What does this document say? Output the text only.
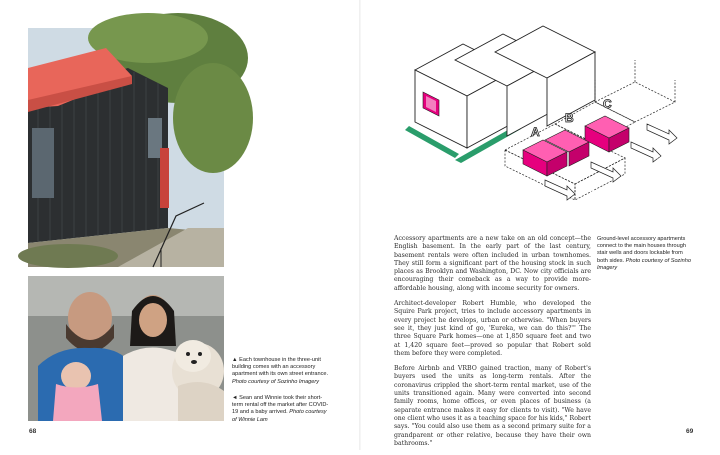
▲ Each townhouse in the three-unit building comes with an accessory apartment with its own street entrance. Photo courtesy of Sozinho Imagery
◄ Sean and Winnie took their short-term rental off the market after COVID-19 and a baby arrived. Photo courtesy of Winnie Lam
68
A
B
C
lower level entries
lower level entries
upper level entries
upper level entries
Ground-level accessory apartments connect to the main houses through stair wells and doors lockable from both sides. Photo courtesy of Sozinho Imagery

Accessory apartments are a new take on an old concept—the English basement. In the early part of the last century, basement rentals were often included in urban townhomes. They still form a significant part of the housing stock in such places as Brooklyn and Washington, DC. Now city officials are encouraging their comeback as a way to provide more-affordable housing, along with income security for owners.

Architect-developer Robert Humble, who developed the Squire Park project, tries to include accessory apartments in every project he develops, urban or otherwise. "When buyers see it, they just kind of go, 'Eureka, we can do this?'" The three Square Park homes—one at 1,850 square feet and two at 1,420 square feet—proved so popular that Robert sold them before they were completed.

Before Airbnb and VRBO gained traction, many of Robert's buyers used the units as long-term rentals. After the coronavirus crippled the short-term rental market, use of the units transitioned again. Many were converted into second family rooms, home offices, or even places of business (a separate entrance makes it easy for clients to visit). "We have one client who uses it as a teaching space for his kids," Robert says. "You could also use them as a second primary suite for a grandparent or other relative, because they have their own bathrooms."

69
